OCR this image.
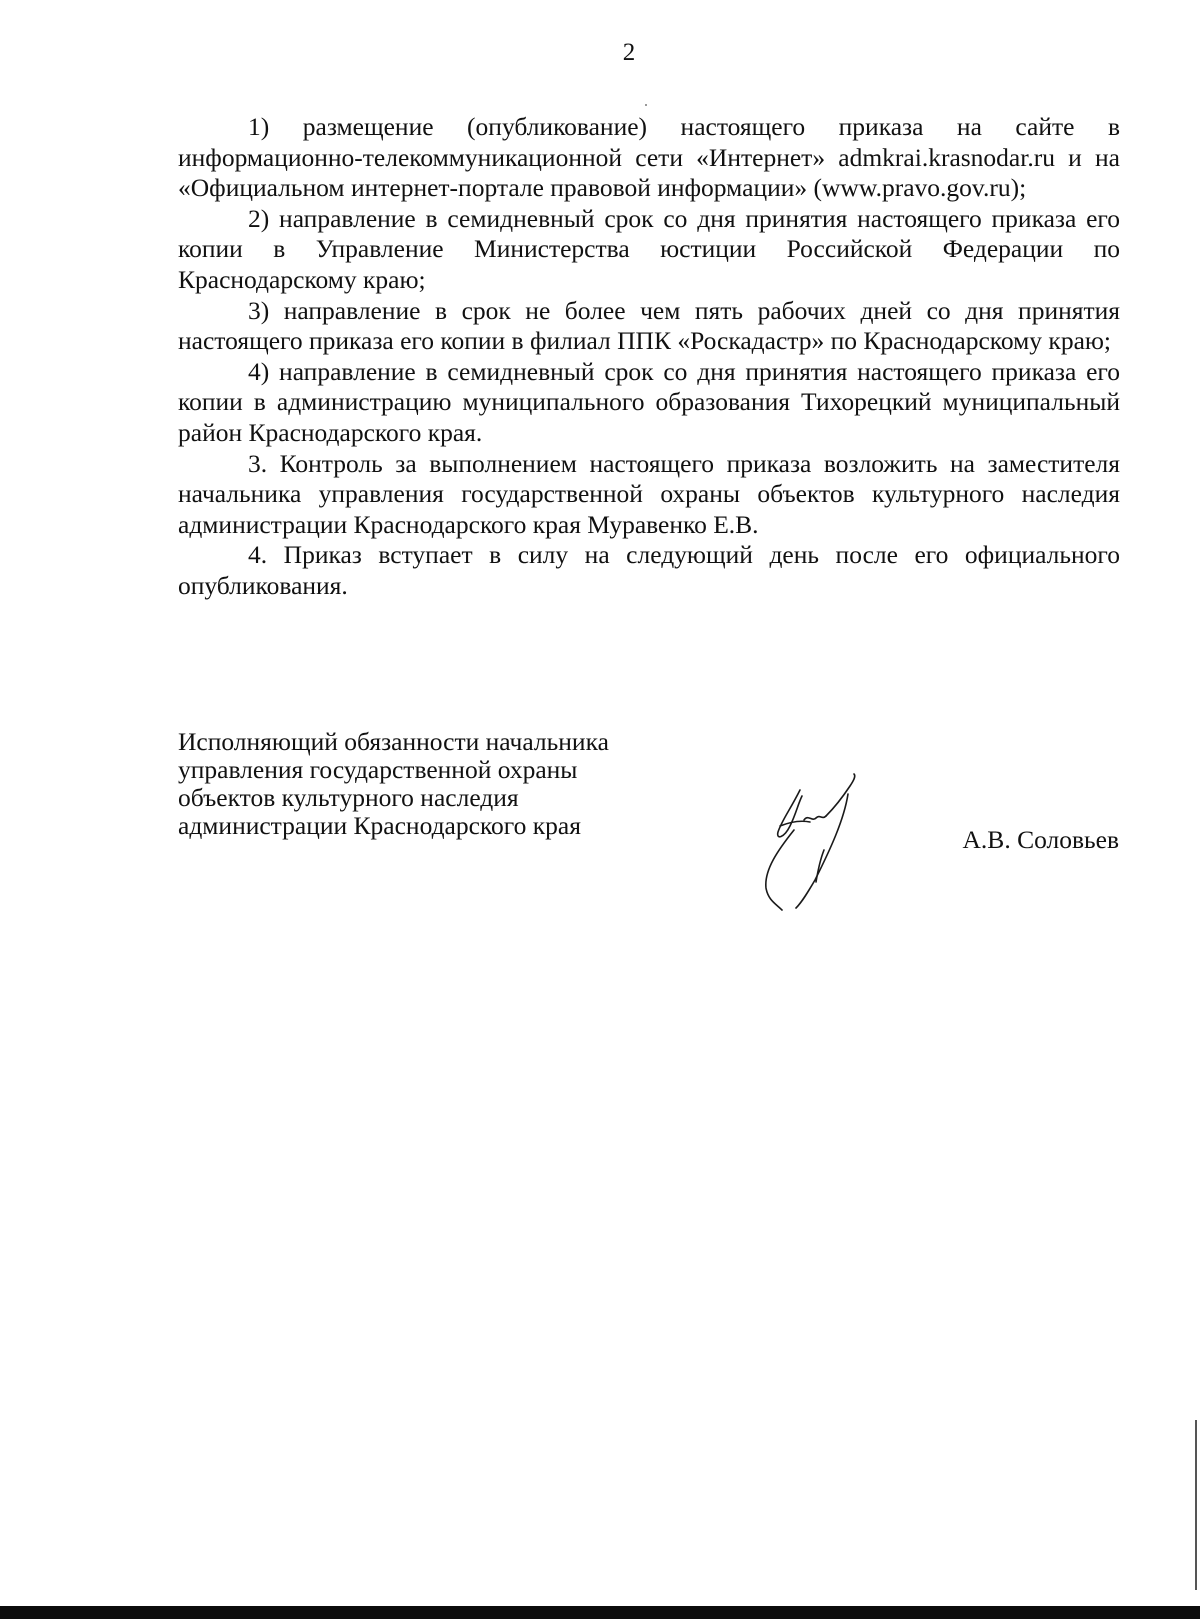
2

1) размещение (опубликование) настоящего приказа на сайте в информационно-телекоммуникационной сети «Интернет» admkrai.krasnodar.ru и на «Официальном интернет-портале правовой информации» (www.pravo.gov.ru);

2) направление в семидневный срок со дня принятия настоящего приказа его копии в Управление Министерства юстиции Российской Федерации по Краснодарскому краю;

3) направление в срок не более чем пять рабочих дней со дня принятия настоящего приказа его копии в филиал ППК «Роскадастр» по Краснодарскому краю;

4) направление в семидневный срок со дня принятия настоящего приказа его копии в администрацию муниципального образования Тихорецкий муниципальный район Краснодарского края.

3. Контроль за выполнением настоящего приказа возложить на заместителя начальника управления государственной охраны объектов культурного наследия администрации Краснодарского края Муравенко Е.В.

4. Приказ вступает в силу на следующий день после его официального опубликования.

Исполняющий обязанности начальника
управления государственной охраны
объектов культурного наследия
администрации Краснодарского края	А.В. Соловьев
